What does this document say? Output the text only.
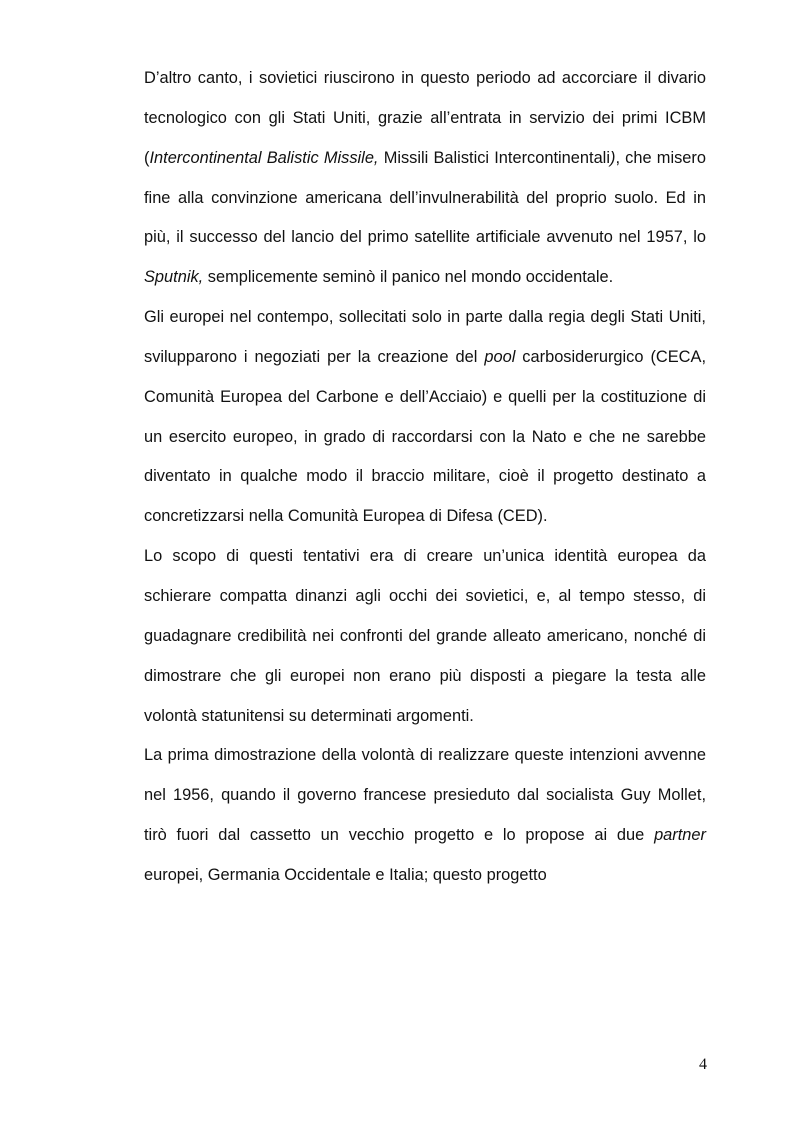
D’altro canto, i sovietici riuscirono in questo periodo ad accorciare il divario tecnologico con gli Stati Uniti, grazie all’entrata in servizio dei primi ICBM (Intercontinental Balistic Missile, Missili Balistici Intercontinentali), che misero fine alla convinzione americana dell’invulnerabilità del proprio suolo. Ed in più, il successo del lancio del primo satellite artificiale avvenuto nel 1957, lo Sputnik, semplicemente seminò il panico nel mondo occidentale.

Gli europei nel contempo, sollecitati solo in parte dalla regia degli Stati Uniti, svilupparono i negoziati per la creazione del pool carbosiderurgico (CECA, Comunità Europea del Carbone e dell’Acciaio) e quelli per la costituzione di un esercito europeo, in grado di raccordarsi con la Nato e che ne sarebbe diventato in qualche modo il braccio militare, cioè il progetto destinato a concretizzarsi nella Comunità Europea di Difesa (CED).

Lo scopo di questi tentativi era di creare un’unica identità europea da schierare compatta dinanzi agli occhi dei sovietici, e, al tempo stesso, di guadagnare credibilità nei confronti del grande alleato americano, nonché di dimostrare che gli europei non erano più disposti a piegare la testa alle volontà statunitensi su determinati argomenti.

La prima dimostrazione della volontà di realizzare queste intenzioni avvenne nel 1956, quando il governo francese presieduto dal socialista Guy Mollet, tirò fuori dal cassetto un vecchio progetto e lo propose ai due partner europei, Germania Occidentale e Italia; questo progetto

4
